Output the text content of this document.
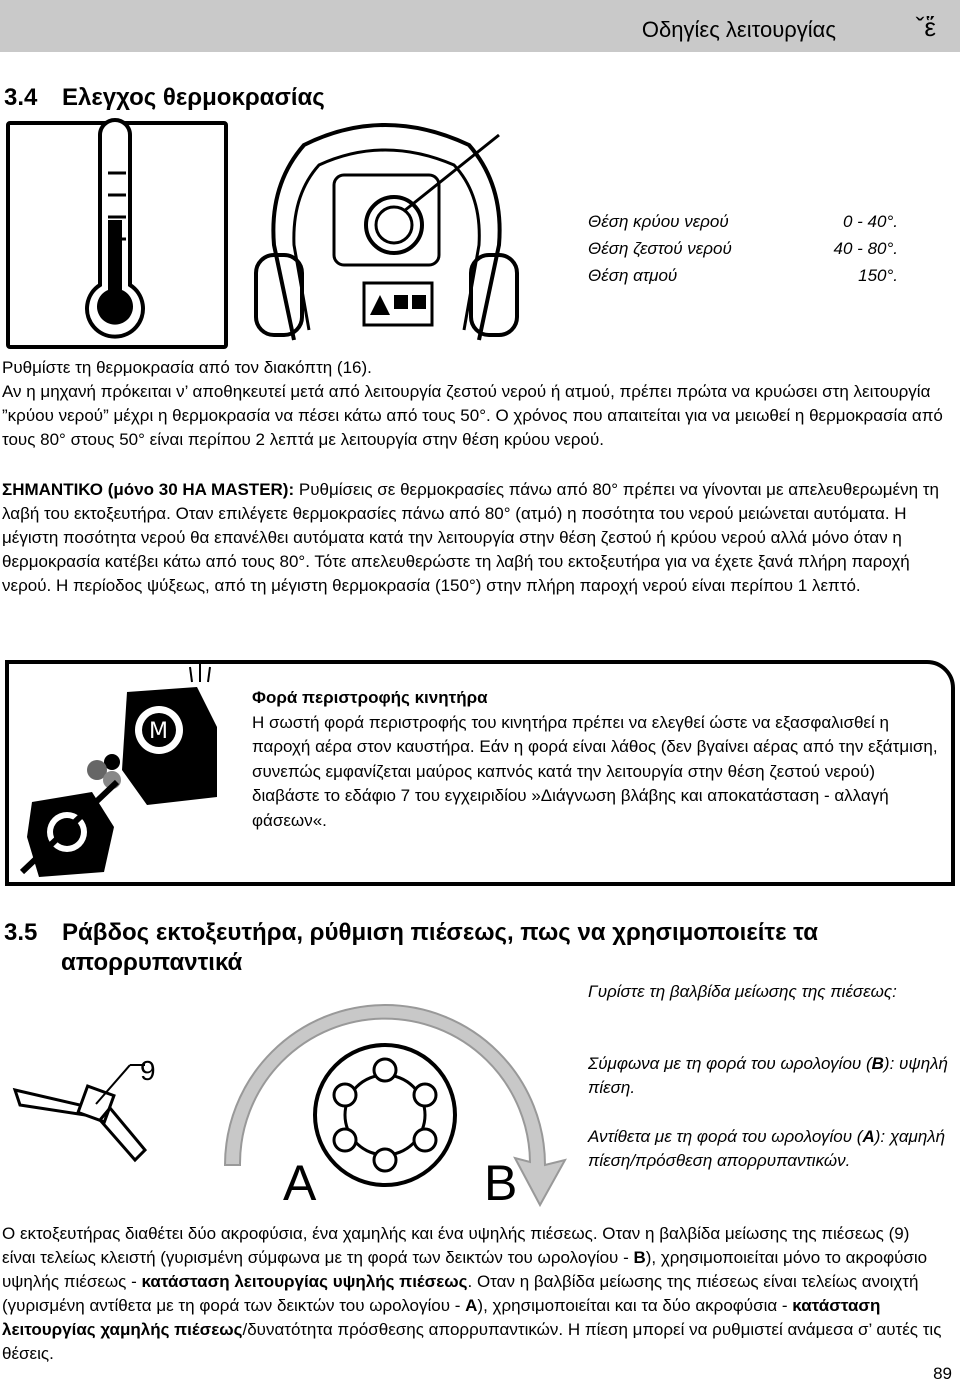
Οδηγίες λειτουργίας	ˇἕ
3.4 Ελεγχος θερμοκρασίας
Θέση κρύου νερού	0 - 40°.
Θέση ζεστού νερού	40 - 80°.
Θέση ατμού	150°.

Ρυθμίστε τη θερμοκρασία από τον διακόπτη (16).

Αν η μηχανή πρόκειται ν’ αποθηκευτεί μετά από λειτουργία ζεστού νερού ή ατμού, πρέπει πρώτα να κρυώσει στη λειτουργία ”κρύου νερού” μέχρι η θερμοκρασία να πέσει κάτω από τους 50°. Ο χρόνος που απαιτείται για να μειωθεί η θερμοκρασία από τους 80° στους 50° είναι περίπου 2 λεπτά με λειτουργία στην θέση κρύου νερού.

ΣΗΜΑΝΤΙΚΟ (μόνο 30 HA MASTER): Ρυθμίσεις σε θερμοκρασίες πάνω από 80° πρέπει να γίνονται με απελευθερωμένη τη λαβή του εκτοξευτήρα. Οταν επιλέγετε θερμοκρασίες πάνω από 80° (ατμό) η ποσότητα του νερού μειώνεται αυτόματα. Η μέγιστη ποσότητα νερού θα επανέλθει αυτόματα κατά την λειτουργία στην θέση ζεστού ή κρύου νερού αλλά μόνο όταν η θερμοκρασία κατέβει κάτω από τους 80°. Τότε απελευθερώστε τη λαβή του εκτοξευτήρα για να έχετε ξανά πλήρη παροχή νερού. Η περίοδος ψύξεως, από τη μέγιστη θερμοκρασία (150°) στην πλήρη παροχή νερού είναι περίπου 1 λεπτό.

M
Φορά περιστροφής κινητήρα
Η σωστή φορά περιστροφής του κινητήρα πρέπει να ελεγθεί ώστε να εξασφαλισθεί η παροχή αέρα στον καυστήρα. Εάν η φορά είναι λάθος (δεν βγαίνει αέρας από την εξάτμιση, συνεπώς εμφανίζεται μαύρος καπνός κατά την λειτουργία στην θέση ζεστού νερού) διαβάστε το εδάφιο 7 του εγχειριδίου »Διάγνωση βλάβης και αποκατάσταση - αλλαγή φάσεων«.
3.5 Ράβδος εκτοξευτήρα, ρύθμιση πιέσεως, πως να χρησιμοποιείτε τα
απορρυπαντικά
9
A	B
Γυρίστε τη βαλβίδα μείωσης της πιέσεως:
Σύμφωνα με τη φορά του ωρολογίου (B): υψηλή πίεση.
Αντίθετα με τη φορά του ωρολογίου (A): χαμηλή πίεση/πρόσθεση απορρυπαντικών.

Ο εκτοξευτήρας διαθέτει δύο ακροφύσια, ένα χαμηλής και ένα υψηλής πιέσεως. Οταν η βαλβίδα μείωσης της πιέσεως (9) είναι τελείως κλειστή (γυρισμένη σύμφωνα με τη φορά των δεικτών του ωρολογίου - B), χρησιμοποιείται μόνο το ακροφύσιο υψηλής πιέσεως - κατάσταση λειτουργίας υψηλής πιέσεως. Οταν η βαλβίδα μείωσης της πιέσεως είναι τελείως ανοιχτή (γυρισμένη αντίθετα με τη φορά των δεικτών του ωρολογίου - A), χρησιμοποιείται και τα δύο ακροφύσια - κατάσταση λειτουργίας χαμηλής πιέσεως/δυνατότητα πρόσθεσης απορρυπαντικών. Η πίεση μπορεί να ρυθμιστεί ανάμεσα σ’ αυτές τις θέσεις.

89
